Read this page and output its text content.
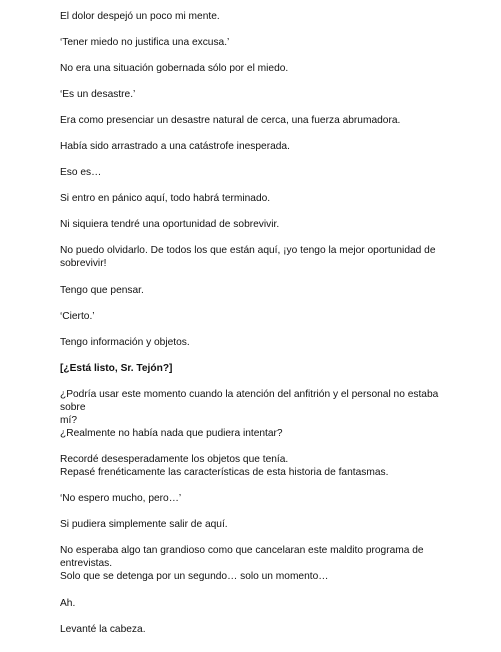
El dolor despejó un poco mi mente.

‘Tener miedo no justifica una excusa.’

No era una situación gobernada sólo por el miedo.

‘Es un desastre.’

Era como presenciar un desastre natural de cerca, una fuerza abrumadora.

Había sido arrastrado a una catástrofe inesperada.

Eso es…

Si entro en pánico aquí, todo habrá terminado.

Ni siquiera tendré una oportunidad de sobrevivir.

No puedo olvidarlo. De todos los que están aquí, ¡yo tengo la mejor oportunidad de
sobrevivir!

Tengo que pensar.

‘Cierto.’

Tengo información y objetos.

[¿Está listo, Sr. Tejón?]

¿Podría usar este momento cuando la atención del anfitrión y el personal no estaba sobre
mí?

¿Realmente no había nada que pudiera intentar?

Recordé desesperadamente los objetos que tenía.
Repasé frenéticamente las características de esta historia de fantasmas.

‘No espero mucho, pero…’

Si pudiera simplemente salir de aquí.

No esperaba algo tan grandioso como que cancelaran este maldito programa de
entrevistas.
Solo que se detenga por un segundo… solo un momento…

Ah.

Levanté la cabeza.
